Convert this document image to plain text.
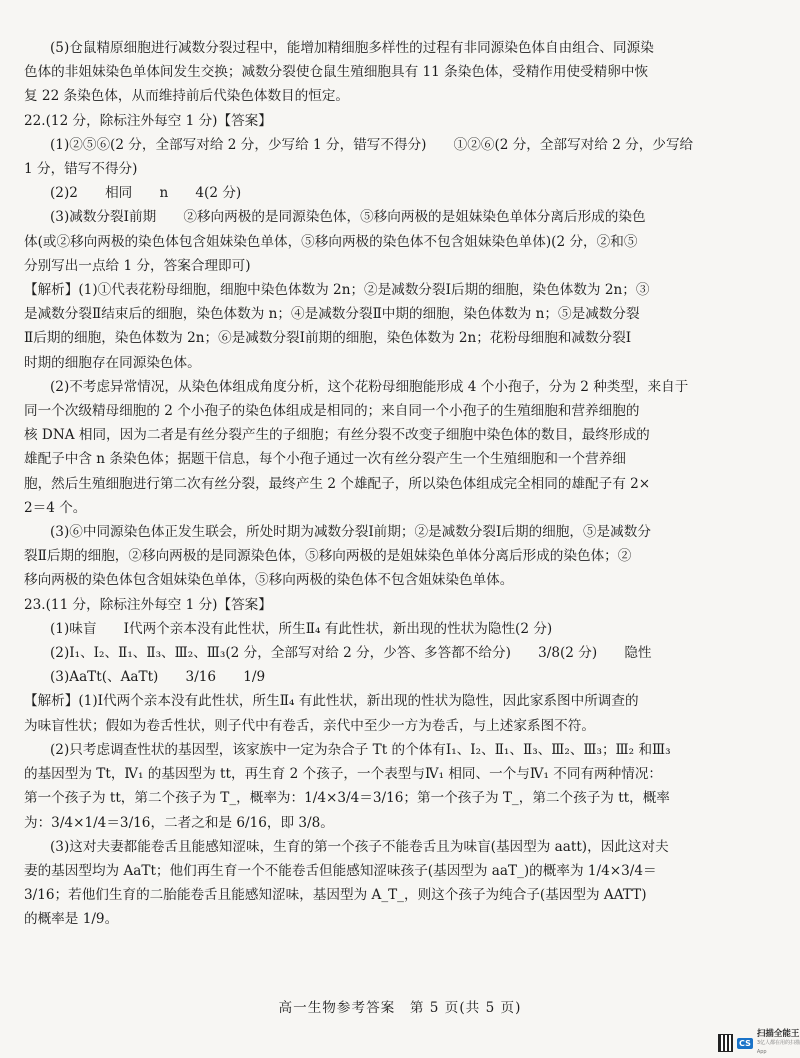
(5)仓鼠精原细胞进行减数分裂过程中，能增加精细胞多样性的过程有非同源染色体自由组合、同源染
色体的非姐妹染色单体间发生交换；减数分裂使仓鼠生殖细胞具有 11 条染色体，受精作用使受精卵中恢
复 22 条染色体，从而维持前后代染色体数目的恒定。
22.(12 分，除标注外每空 1 分)【答案】
(1)②⑤⑥(2 分，全部写对给 2 分，少写给 1 分，错写不得分)　　①②⑥(2 分，全部写对给 2 分，少写给
1 分，错写不得分)
(2)2　　相同　　n　　4(2 分)
(3)减数分裂Ⅰ前期　　②移向两极的是同源染色体，⑤移向两极的是姐妹染色单体分离后形成的染色
体(或②移向两极的染色体包含姐妹染色单体，⑤移向两极的染色体不包含姐妹染色单体)(2 分，②和⑤
分别写出一点给 1 分，答案合理即可)
【解析】(1)①代表花粉母细胞，细胞中染色体数为 2n；②是减数分裂Ⅰ后期的细胞，染色体数为 2n；③
是减数分裂Ⅱ结束后的细胞，染色体数为 n；④是减数分裂Ⅱ中期的细胞，染色体数为 n；⑤是减数分裂
Ⅱ后期的细胞，染色体数为 2n；⑥是减数分裂Ⅰ前期的细胞，染色体数为 2n；花粉母细胞和减数分裂Ⅰ
时期的细胞存在同源染色体。
(2)不考虑异常情况，从染色体组成角度分析，这个花粉母细胞能形成 4 个小孢子，分为 2 种类型，来自于
同一个次级精母细胞的 2 个小孢子的染色体组成是相同的；来自同一个小孢子的生殖细胞和营养细胞的
核 DNA 相同，因为二者是有丝分裂产生的子细胞；有丝分裂不改变子细胞中染色体的数目，最终形成的
雄配子中含 n 条染色体；据题干信息，每个小孢子通过一次有丝分裂产生一个生殖细胞和一个营养细
胞，然后生殖细胞进行第二次有丝分裂，最终产生 2 个雄配子，所以染色体组成完全相同的雄配子有 2×
2＝4 个。
(3)⑥中同源染色体正发生联会，所处时期为减数分裂Ⅰ前期；②是减数分裂Ⅰ后期的细胞，⑤是减数分
裂Ⅱ后期的细胞，②移向两极的是同源染色体，⑤移向两极的是姐妹染色单体分离后形成的染色体；②
移向两极的染色体包含姐妹染色单体，⑤移向两极的染色体不包含姐妹染色单体。
23.(11 分，除标注外每空 1 分)【答案】
(1)味盲　　Ⅰ代两个亲本没有此性状，所生Ⅱ₄ 有此性状，新出现的性状为隐性(2 分)
(2)Ⅰ₁、Ⅰ₂、Ⅱ₁、Ⅱ₃、Ⅲ₂、Ⅲ₃(2 分，全部写对给 2 分，少答、多答都不给分)　　3/8(2 分)　　隐性
(3)AaTt(、AaTt)　　3/16　　1/9
【解析】(1)Ⅰ代两个亲本没有此性状，所生Ⅱ₄ 有此性状，新出现的性状为隐性，因此家系图中所调查的
为味盲性状；假如为卷舌性状，则子代中有卷舌，亲代中至少一方为卷舌，与上述家系图不符。
(2)只考虑调查性状的基因型，该家族中一定为杂合子 Tt 的个体有Ⅰ₁、Ⅰ₂、Ⅱ₁、Ⅱ₃、Ⅲ₂、Ⅲ₃；Ⅲ₂ 和Ⅲ₃
的基因型为 Tt，Ⅳ₁ 的基因型为 tt，再生育 2 个孩子，一个表型与Ⅳ₁ 相同、一个与Ⅳ₁ 不同有两种情况：
第一个孩子为 tt，第二个孩子为 T_，概率为：1/4×3/4＝3/16；第一个孩子为 T_，第二个孩子为 tt，概率
为：3/4×1/4＝3/16，二者之和是 6/16，即 3/8。
(3)这对夫妻都能卷舌且能感知涩味，生育的第一个孩子不能卷舌且为味盲(基因型为 aatt)，因此这对夫
妻的基因型均为 AaTt；他们再生育一个不能卷舌但能感知涩味孩子(基因型为 aaT_)的概率为 1/4×3/4＝
3/16；若他们生育的二胎能卷舌且能感知涩味，基因型为 A_T_，则这个孩子为纯合子(基因型为 AATT)
的概率是 1/9。
高一生物参考答案　第 5 页(共 5 页)
CS
扫描全能王
3亿人都在用的扫描App
